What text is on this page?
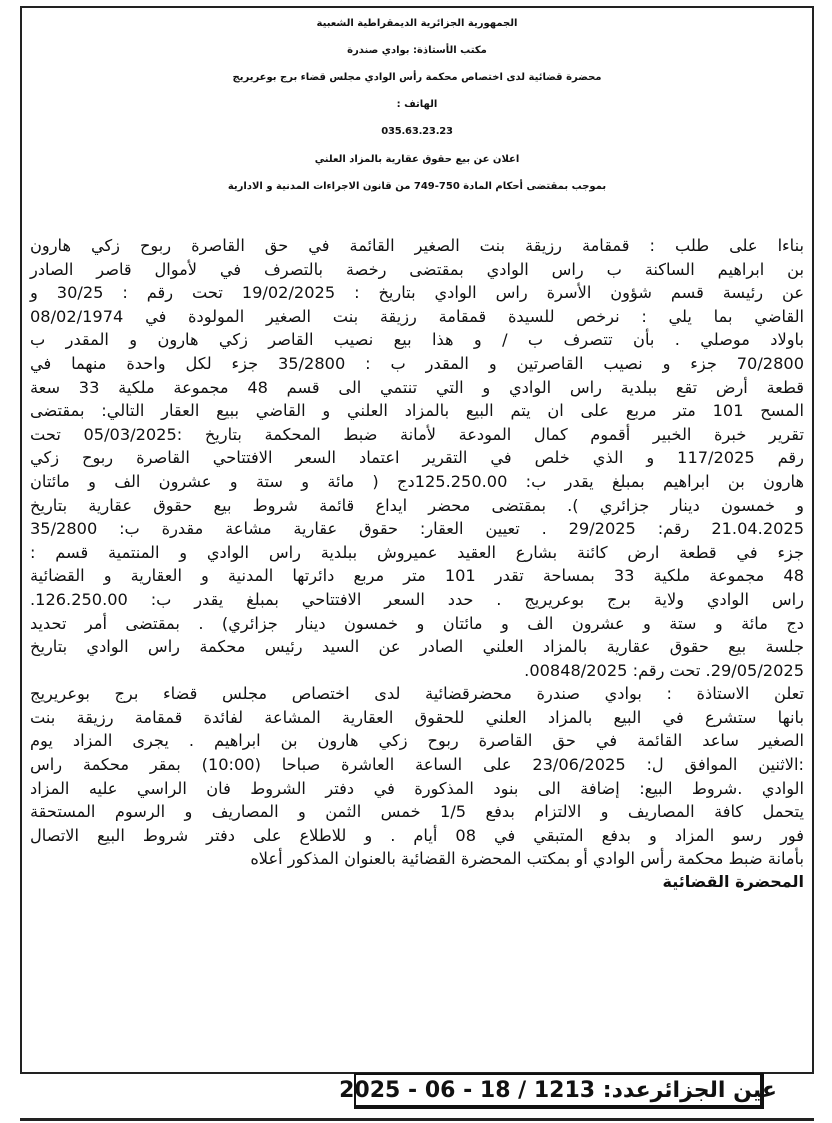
الجمهورية الجزائرية الديمقراطية الشعبية
مكتب الأستاذة: بوادي صندرة
محضرة قضائية لدى اختصاص محكمة رأس الوادي مجلس قضاء برج بوعريريج
الهاتف :
035.63.23.23
اعلان عن بيع حقوق عقارية بالمزاد العلني
بموجب بمقتضى أحكام المادة 750-749 من قانون الاجراءات المدنية و الادارية
بناءا على طلب : قمقامة رزيقة بنت الصغير القائمة في حق القاصرة ربوح زكي هارون
بن ابراهيم الساكنة ب راس الوادي بمقتضى رخصة بالتصرف في لأموال قاصر الصادر
عن رئيسة قسم شؤون الأسرة راس الوادي بتاريخ : 19/02/2025 تحت رقم : 30/25 و
القاضي بما يلي : نرخص للسيدة قمقامة رزيقة بنت الصغير المولودة في 08/02/1974
باولاد موصلي . بأن تتصرف ب / و هذا بيع نصيب القاصر زكي هارون و المقدر ب
70/2800 جزء و نصيب القاصرتين و المقدر ب : 35/2800 جزء لكل واحدة منهما في
قطعة أرض تقع ببلدية راس الوادي و التي تنتمي الى قسم 48 مجموعة ملكية 33 سعة
المسح 101 متر مربع على ان يتم البيع بالمزاد العلني و القاضي ببيع العقار التالي: بمقتضى
تقرير خبرة الخبير أقموم كمال المودعة لأمانة ضبط المحكمة بتاريخ :05/03/2025 تحت
رقم 117/2025 و الذي خلص في التقرير اعتماد السعر الافتتاحي القاصرة ربوح زكي
هارون بن ابراهيم بمبلغ يقدر ب: 125.250.00دج ( مائة و ستة و عشرون الف و مائتان
و خمسون دينار جزائري ). بمقتضى محضر ايداع قائمة شروط بيع حقوق عقارية بتاريخ
21.04.2025 رقم: 29/2025 . تعيين العقار: حقوق عقارية مشاعة مقدرة ب: 35/2800
جزء في قطعة ارض كائنة بشارع العقيد عميروش ببلدية راس الوادي و المنتمية قسم :
48 مجموعة ملكية 33 بمساحة تقدر 101 متر مربع دائرتها المدنية و العقارية و القضائية
راس الوادي ولاية برج بوعريريج . حدد السعر الافتتاحي بمبلغ يقدر ب: 126.250.00.
دج مائة و ستة و عشرون الف و مائتان و خمسون دينار جزائري) . بمقتضى أمر تحديد
جلسة بيع حقوق عقارية بالمزاد العلني الصادر عن السيد رئيس محكمة راس الوادي بتاريخ
29/05/2025. تحت رقم: 00848/2025.
تعلن الاستاذة : بوادي صندرة محضرقضائية لدى اختصاص مجلس قضاء برج بوعريريج
بانها ستشرع في البيع بالمزاد العلني للحقوق العقارية المشاعة لفائدة قمقامة رزيقة بنت
الصغير ساعد القائمة في حق القاصرة ربوح زكي هارون بن ابراهيم . يجرى المزاد يوم
:الاثنين الموافق ل: 23/06/2025 على الساعة العاشرة صباحا (10:00) بمقر محكمة راس
الوادي .شروط البيع: إضافة الى بنود المذكورة في دفتر الشروط فان الراسي عليه المزاد
يتحمل كافة المصاريف و الالتزام بدفع 1/5 خمس الثمن و المصاريف و الرسوم المستحقة
فور رسو المزاد و بدفع المتبقي في 08 أيام . و للاطلاع على دفتر شروط البيع الاتصال
بأمانة ضبط محكمة رأس الوادي أو بمكتب المحضرة القضائية بالعنوان المذكور أعلاه
المحضرة القضائية
عين الجزائرعدد: 1213 / 18 - 06 - 2025
